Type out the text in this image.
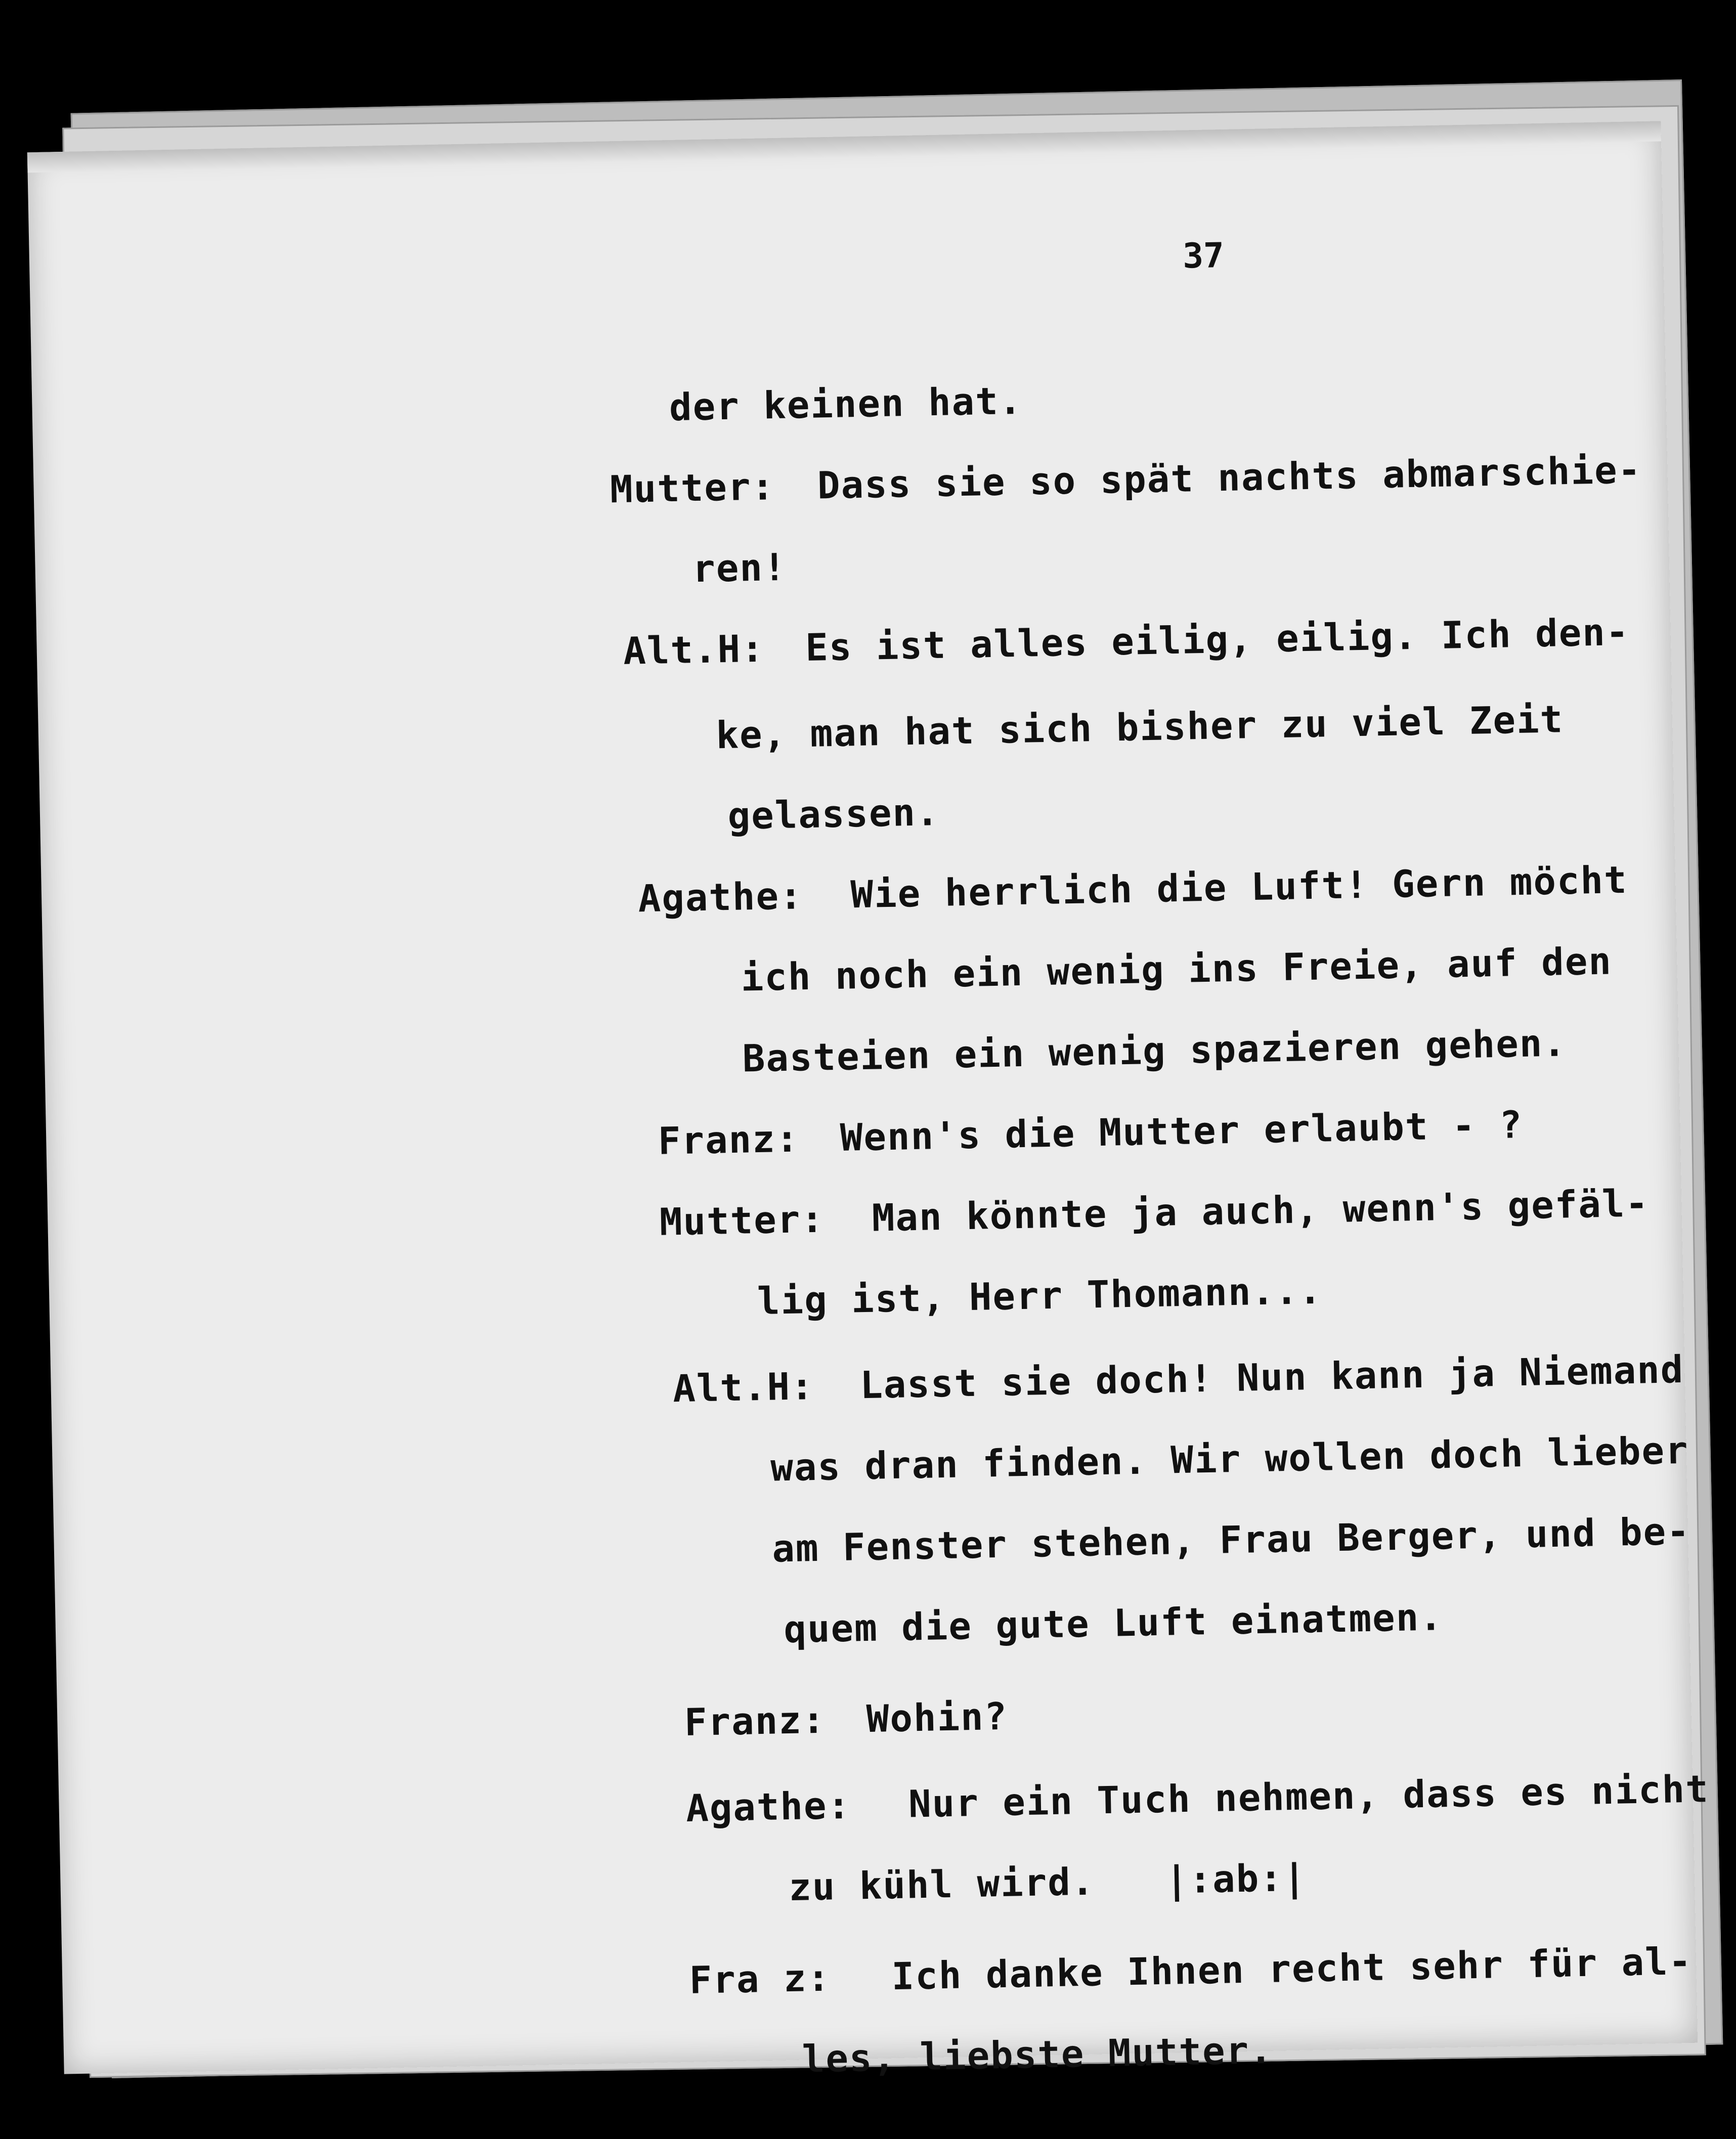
37

der keinen hat.

Mutter: Dass sie so spät nachts abmarschie-

ren!

Alt.H: Es ist alles eilig, eilig. Ich den-

ke, man hat sich bisher zu viel Zeit

gelassen.

Agathe: Wie herrlich die Luft! Gern möcht

ich noch ein wenig ins Freie, auf den

Basteien ein wenig spazieren gehen.

Franz: Wenn's die Mutter erlaubt - ?

Mutter: Man könnte ja auch, wenn's gefäl-

lig ist, Herr Thomann...

Alt.H: Lasst sie doch! Nun kann ja Niemand

was dran finden. Wir wollen doch lieber

am Fenster stehen, Frau Berger, und be-

quem die gute Luft einatmen.

Franz: Wohin?

Agathe: Nur ein Tuch nehmen, dass es nicht

zu kühl wird.   |:ab:|

Fra z: Ich danke Ihnen recht sehr für al-

les, liebste Mutter.
